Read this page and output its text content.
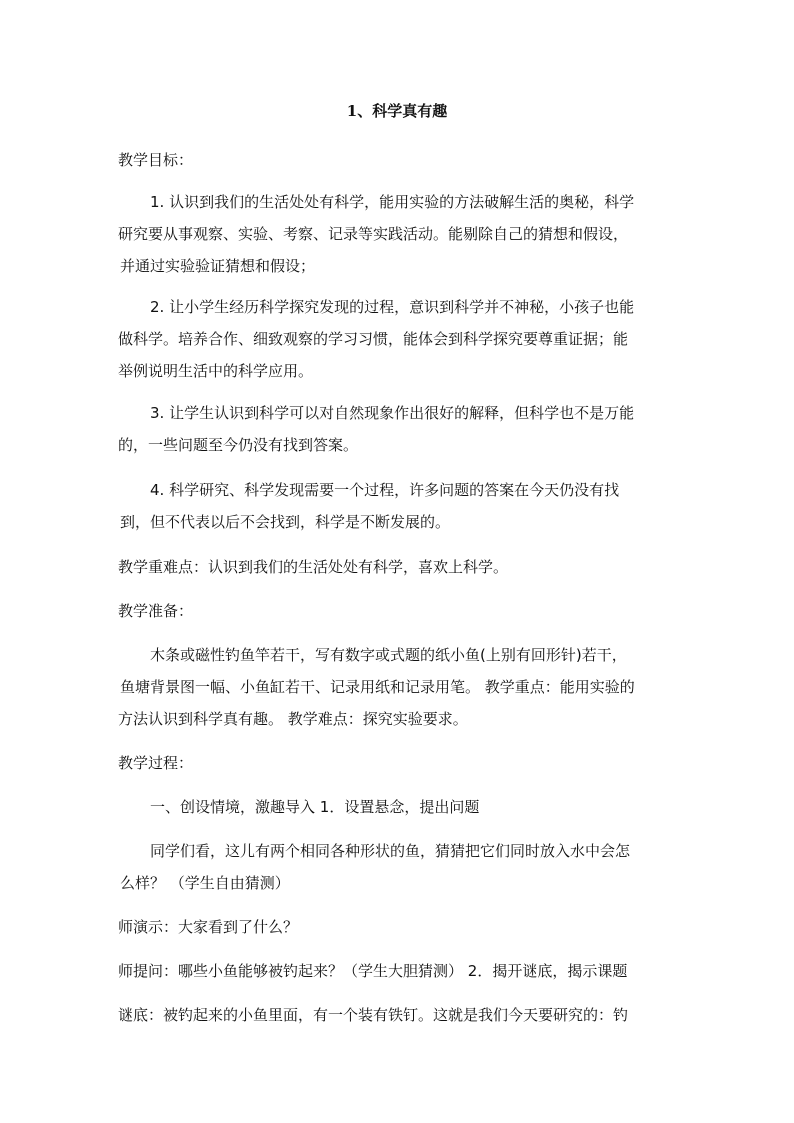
1、科学真有趣
教学目标：
1. 认识到我们的生活处处有科学，能用实验的方法破解生活的奥秘，科学
研究要从事观察、实验、考察、记录等实践活动。能剔除自己的猜想和假设，
并通过实验验证猜想和假设；
2. 让小学生经历科学探究发现的过程，意识到科学并不神秘，小孩子也能
做科学。培养合作、细致观察的学习习惯，能体会到科学探究要尊重证据；能
举例说明生活中的科学应用。
3. 让学生认识到科学可以对自然现象作出很好的解释，但科学也不是万能
的，一些问题至今仍没有找到答案。
4. 科学研究、科学发现需要一个过程，许多问题的答案在今天仍没有找
到，但不代表以后不会找到，科学是不断发展的。
教学重难点：认识到我们的生活处处有科学，喜欢上科学。
教学准备：
木条或磁性钓鱼竿若干，写有数字或式题的纸小鱼(上别有回形针)若干，
鱼塘背景图一幅、小鱼缸若干、记录用纸和记录用笔。 教学重点：能用实验的
方法认识到科学真有趣。 教学难点：探究实验要求。
教学过程：
一、创设情境，激趣导入 1．设置悬念，提出问题
同学们看，这儿有两个相同各种形状的鱼，猜猜把它们同时放入水中会怎
么样？ （学生自由猜测）
师演示：大家看到了什么？
师提问：哪些小鱼能够被钓起来？（学生大胆猜测） 2．揭开谜底，揭示课题
谜底：被钓起来的小鱼里面，有一个装有铁钉。这就是我们今天要研究的：钓
